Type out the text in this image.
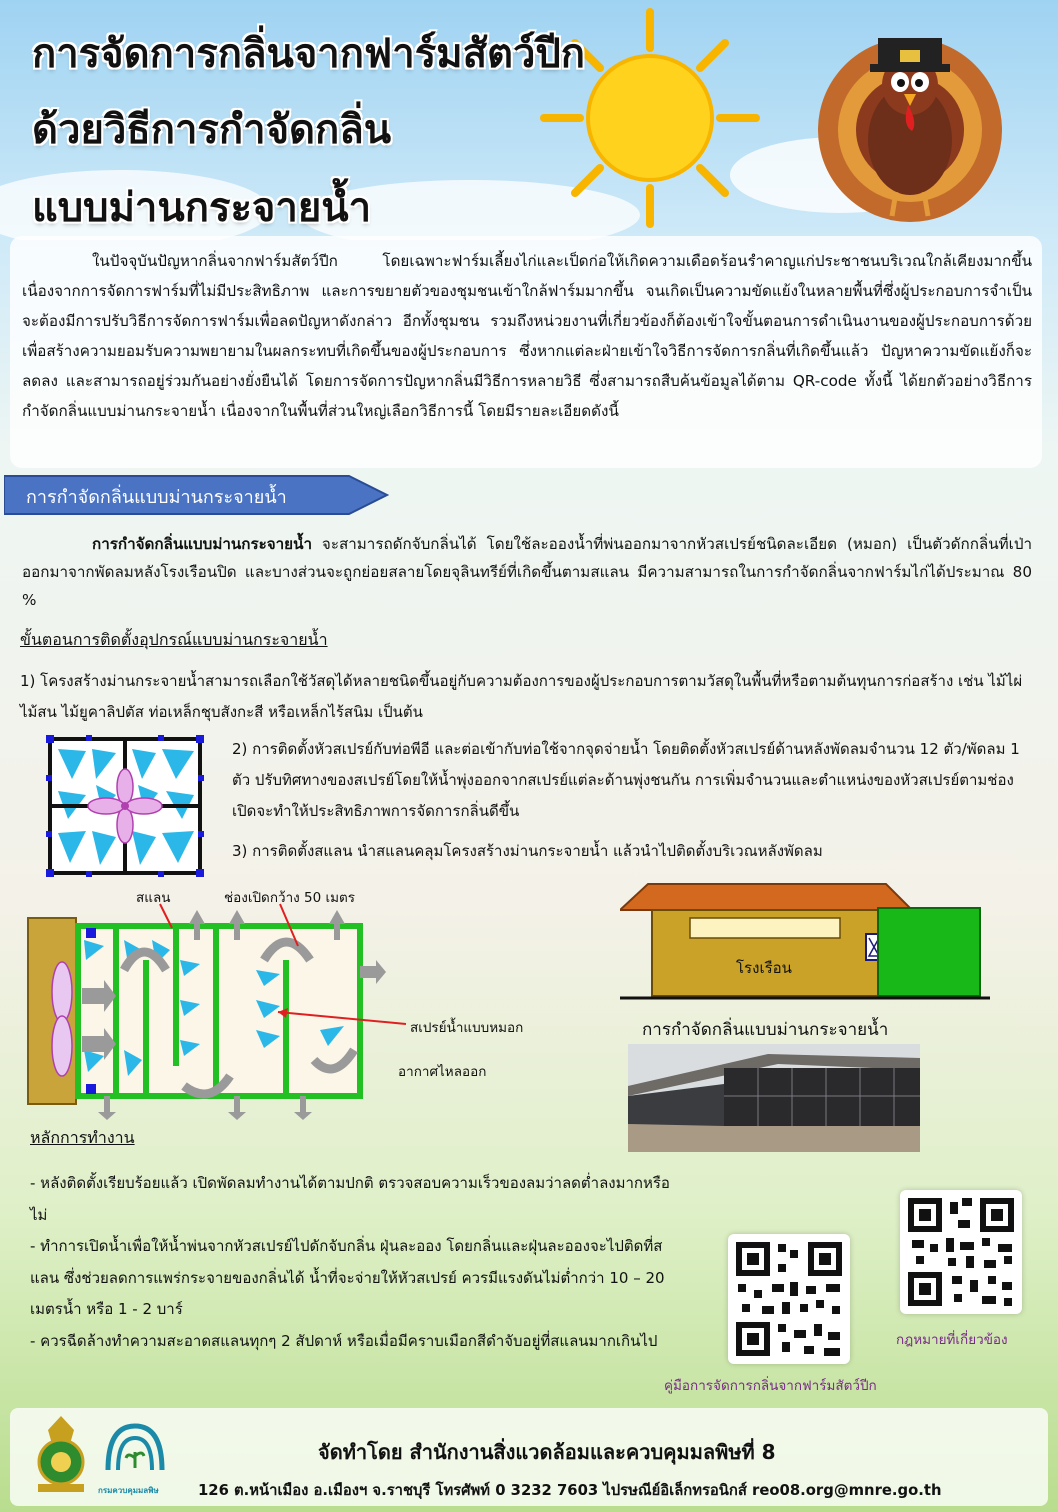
การจัดการกลิ่นจากฟาร์มสัตว์ปีก
ด้วยวิธีการกำจัดกลิ่น
แบบม่านกระจายน้ำ

ในปัจจุบันปัญหากลิ่นจากฟาร์มสัตว์ปีก โดยเฉพาะฟาร์มเลี้ยงไก่และเป็ดก่อให้เกิดความเดือดร้อนรำคาญแก่ประชาชนบริเวณใกล้เคียงมากขึ้น เนื่องจากการจัดการฟาร์มที่ไม่มีประสิทธิภาพ และการขยายตัวของชุมชนเข้าใกล้ฟาร์มมากขึ้น จนเกิดเป็นความขัดแย้งในหลายพื้นที่ซึ่งผู้ประกอบการจำเป็นจะต้องมีการปรับวิธีการจัดการฟาร์มเพื่อลดปัญหาดังกล่าว อีกทั้งชุมชน รวมถึงหน่วยงานที่เกี่ยวข้องก็ต้องเข้าใจขั้นตอนการดำเนินงานของผู้ประกอบการด้วยเพื่อสร้างความยอมรับความพยายามในผลกระทบที่เกิดขึ้นของผู้ประกอบการ ซึ่งหากแต่ละฝ่ายเข้าใจวิธีการจัดการกลิ่นที่เกิดขึ้นแล้ว ปัญหาความขัดแย้งก็จะลดลง และสามารถอยู่ร่วมกันอย่างยั่งยืนได้ โดยการจัดการปัญหากลิ่นมีวิธีการหลายวิธี ซึ่งสามารถสืบค้นข้อมูลได้ตาม QR-code ทั้งนี้ ได้ยกตัวอย่างวิธีการกำจัดกลิ่นแบบม่านกระจายน้ำ เนื่องจากในพื้นที่ส่วนใหญ่เลือกวิธีการนี้ โดยมีรายละเอียดดังนี้

การกำจัดกลิ่นแบบม่านกระจายน้ำ
การกำจัดกลิ่นแบบม่านกระจายน้ำ จะสามารถดักจับกลิ่นได้ โดยใช้ละอองน้ำที่พ่นออกมาจากหัวสเปรย์ชนิดละเอียด (หมอก) เป็นตัวดักกลิ่นที่เป่าออกมาจากพัดลมหลังโรงเรือนปิด และบางส่วนจะถูกย่อยสลายโดยจุลินทรีย์ที่เกิดขึ้นตามสแลน มีความสามารถในการกำจัดกลิ่นจากฟาร์มไก่ได้ประมาณ 80 %
ขั้นตอนการติดตั้งอุปกรณ์แบบม่านกระจายน้ำ
1) โครงสร้างม่านกระจายน้ำสามารถเลือกใช้วัสดุได้หลายชนิดขึ้นอยู่กับความต้องการของผู้ประกอบการตามวัสดุในพื้นที่หรือตามต้นทุนการก่อสร้าง เช่น ไม้ไผ่ ไม้สน ไม้ยูคาลิปตัส ท่อเหล็กชุบสังกะสี หรือเหล็กไร้สนิม เป็นต้น
2) การติดตั้งหัวสเปรย์กับท่อพีอี และต่อเข้ากับท่อใช้จากจุดจ่ายน้ำ โดยติดตั้งหัวสเปรย์ด้านหลังพัดลมจำนวน 12 ตัว/พัดลม 1 ตัว ปรับทิศทางของสเปรย์โดยให้น้ำพุ่งออกจากสเปรย์แต่ละด้านพุ่งชนกัน การเพิ่มจำนวนและตำแหน่งของหัวสเปรย์ตามช่องเปิดจะทำให้ประสิทธิภาพการจัดการกลิ่นดีขึ้น
3) การติดตั้งสแลน นำสแลนคลุมโครงสร้างม่านกระจายน้ำ แล้วนำไปติดตั้งบริเวณหลังพัดลม
สแลน	ช่องเปิดกว้าง 50 เมตร
สเปรย์น้ำแบบหมอก
อากาศไหลออก
โรงเรือน
การกำจัดกลิ่นแบบม่านกระจายน้ำ
หลักการทำงาน
- หลังติดตั้งเรียบร้อยแล้ว เปิดพัดลมทำงานได้ตามปกติ ตรวจสอบความเร็วของลมว่าลดต่ำลงมากหรือไม่
- ทำการเปิดน้ำเพื่อให้น้ำพ่นจากหัวสเปรย์ไปดักจับกลิ่น ฝุ่นละออง โดยกลิ่นและฝุ่นละอองจะไปติดที่สแลน ซึ่งช่วยลดการแพร่กระจายของกลิ่นได้ น้ำที่จะจ่ายให้หัวสเปรย์ ควรมีแรงดันไม่ต่ำกว่า 10 – 20 เมตรน้ำ หรือ 1 - 2 บาร์
- ควรฉีดล้างทำความสะอาดสแลนทุกๆ 2 สัปดาห์ หรือเมื่อมีคราบเมือกสีดำจับอยู่ที่สแลนมากเกินไป
คู่มือการจัดการกลิ่นจากฟาร์มสัตว์ปีก
กฎหมายที่เกี่ยวข้อง
กรมควบคุมมลพิษ
จัดทำโดย สำนักงานสิ่งแวดล้อมและควบคุมมลพิษที่ 8
126 ต.หน้าเมือง อ.เมืองฯ จ.ราชบุรี โทรศัพท์ 0 3232 7603 ไปรษณีย์อิเล็กทรอนิกส์ reo08.org@mnre.go.th
